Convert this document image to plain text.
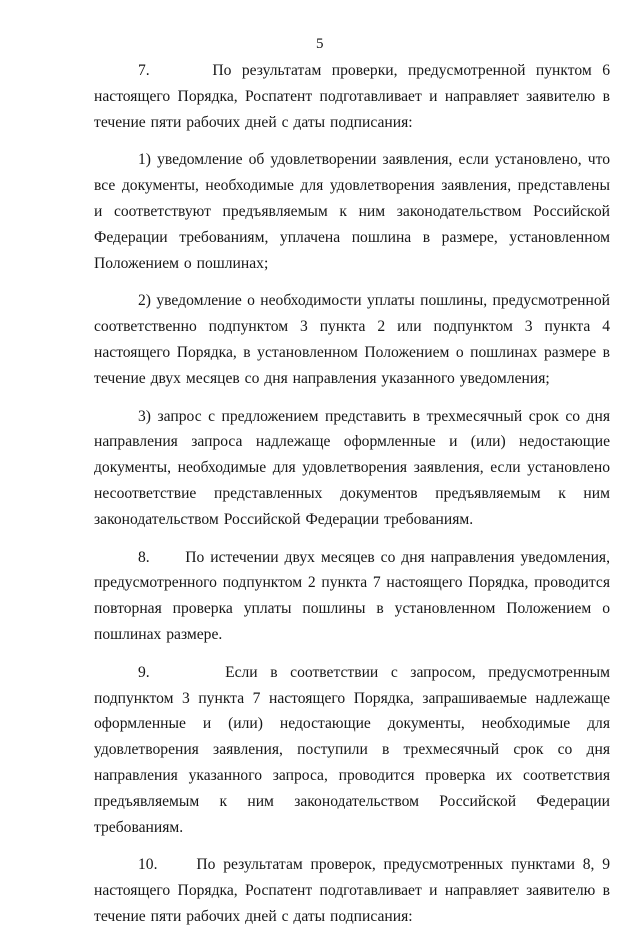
5

7.      По результатам проверки, предусмотренной пунктом 6 настоящего Порядка, Роспатент подготавливает и направляет заявителю в течение пяти рабочих дней с даты подписания:

1) уведомление об удовлетворении заявления, если установлено, что все документы, необходимые для удовлетворения заявления, представлены и соответствуют предъявляемым к ним законодательством Российской Федерации требованиям, уплачена пошлина в размере, установленном Положением о пошлинах;

2) уведомление о необходимости уплаты пошлины, предусмотренной соответственно подпунктом 3 пункта 2 или подпунктом 3 пункта 4 настоящего Порядка, в установленном Положением о пошлинах размере в течение двух месяцев со дня направления указанного уведомления;

3) запрос с предложением представить в трехмесячный срок со дня направления запроса надлежаще оформленные и (или) недостающие документы, необходимые для удовлетворения заявления, если установлено несоответствие представленных документов предъявляемым к ним законодательством Российской Федерации требованиям.

8.      По истечении двух месяцев со дня направления уведомления, предусмотренного подпунктом 2 пункта 7 настоящего Порядка, проводится повторная проверка уплаты пошлины в установленном Положением о пошлинах размере.

9.      Если в соответствии с запросом, предусмотренным подпунктом 3 пункта 7 настоящего Порядка, запрашиваемые надлежаще оформленные и (или) недостающие документы, необходимые для удовлетворения заявления, поступили в трехмесячный срок со дня направления указанного запроса, проводится проверка их соответствия предъявляемым к ним законодательством Российской Федерации требованиям.

10.     По результатам проверок, предусмотренных пунктами 8, 9 настоящего Порядка, Роспатент подготавливает и направляет заявителю в течение пяти рабочих дней с даты подписания:
